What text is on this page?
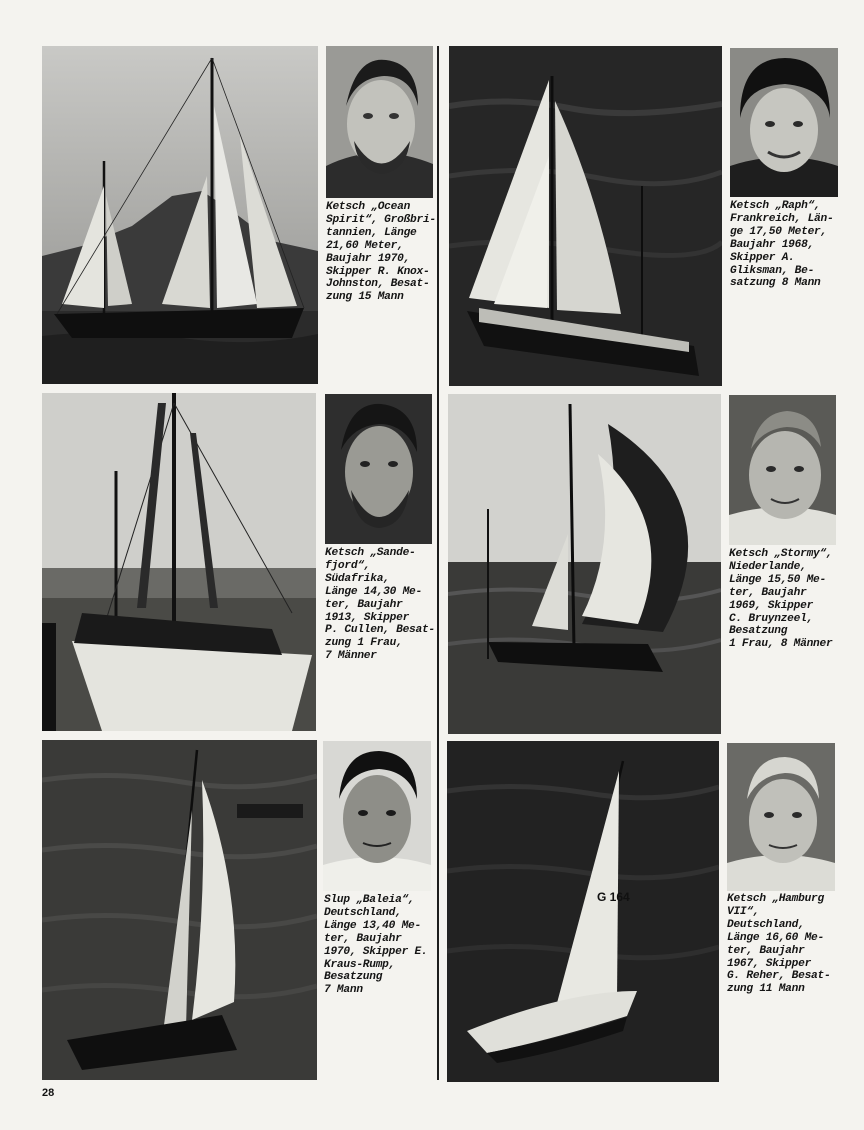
Ketsch „Ocean
Spirit“, Großbri-
tannien, Länge
21,60 Meter,
Baujahr 1970,
Skipper R. Knox-
Johnston, Besat-
zung 15 Mann
Ketsch „Raph“,
Frankreich, Län-
ge 17,50 Meter,
Baujahr 1968,
Skipper A.
Gliksman, Be-
satzung 8 Mann
Ketsch „Sande-
fjord“, Südafrika,
Länge 14,30 Me-
ter, Baujahr
1913, Skipper
P. Cullen, Besat-
zung 1 Frau,
7 Männer
Ketsch „Stormy“,
Niederlande,
Länge 15,50 Me-
ter, Baujahr
1969, Skipper
C. Bruynzeel,
Besatzung
1 Frau, 8 Männer
Slup „Baleia“,
Deutschland,
Länge 13,40 Me-
ter, Baujahr
1970, Skipper E.
Kraus-Rump,
Besatzung
7 Mann
G 164	Ketsch „Hamburg VII“,
Deutschland,
Länge 16,60 Me-
ter, Baujahr
1967, Skipper
G. Reher, Besat-
zung 11 Mann
28
